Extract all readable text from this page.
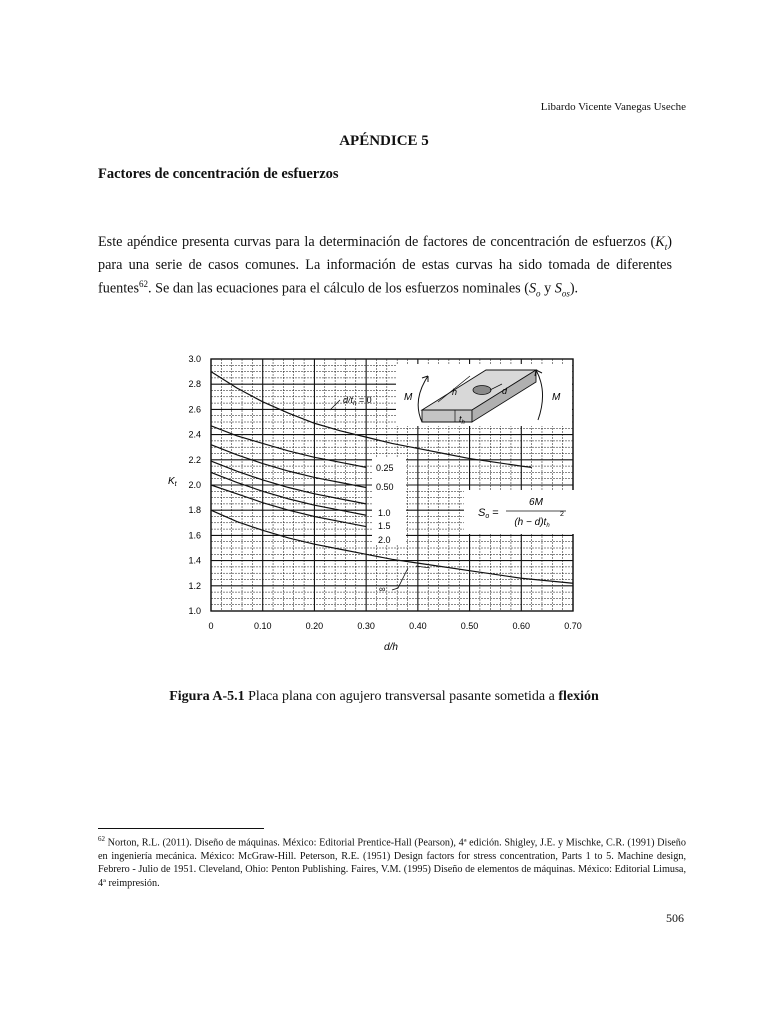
Libardo Vicente Vanegas Useche
APÉNDICE 5
Factores de concentración de esfuerzos
Este apéndice presenta curvas para la determinación de factores de concentración de esfuerzos $(K_t)$ para una serie de casos comunes. La información de estas curvas ha sido tomada de diferentes fuentes$^{62}$. Se dan las ecuaciones para el cálculo de los esfuerzos nominales ($S_o$ y $S_{os}$).
0	0.10	0.20	0.30	0.40	0.50	0.60	0.70
1.0
1.2
1.4
1.6
1.8
2.0
2.2
2.4
2.6
2.8
3.0
$K_t$
d/h
$d/t_h = 0$
0.25
0.50
1.0
1.5
2.0
∞
M	M
h	d
$t_h$
So =
6M
$(h - d)t_h$
2
Figura A-5.1 Placa plana con agujero transversal pasante sometida a flexión
$^{62}$ Norton, R.L. (2011). Diseño de máquinas. México: Editorial Prentice-Hall (Pearson), 4ª edición. Shigley, J.E. y Mischke, C.R. (1991) Diseño en ingeniería mecánica. México: McGraw-Hill. Peterson, R.E. (1951) Design factors for stress concentration, Parts 1 to 5. Machine design, Febrero - Julio de 1951. Cleveland, Ohio: Penton Publishing. Faires, V.M. (1995) Diseño de elementos de máquinas. México: Editorial Limusa, 4ª reimpresión.
506
